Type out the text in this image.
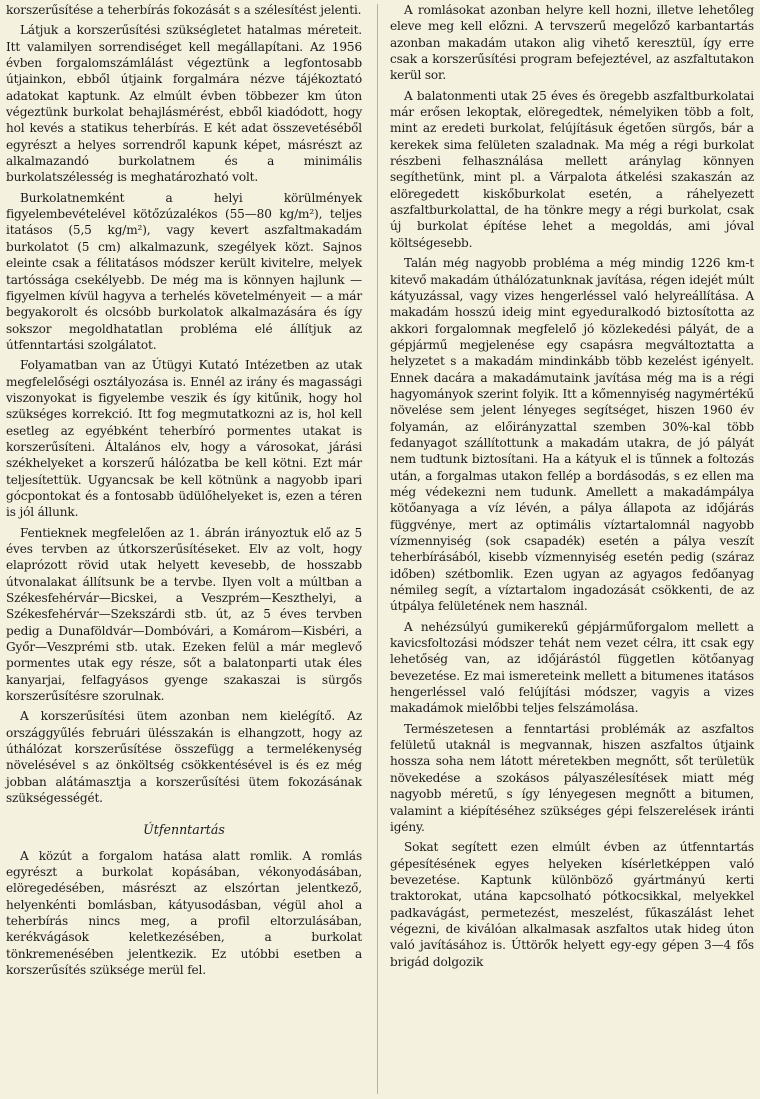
korszerűsítése a teherbírás fokozását s a szélesítést jelenti.

Látjuk a korszerűsítési szükségletet hatalmas méreteit. Itt valamilyen sorrendiséget kell megállapítani. Az 1956 évben forgalomszámlálást végeztünk a legfontosabb útjainkon, ebből útjaink forgalmára nézve tájékoztató adatokat kaptunk. Az elmúlt évben többezer km úton végeztünk burkolat behajlásmérést, ebből kiadódott, hogy hol kevés a statikus teherbírás. E két adat összevetéséből egyrészt a helyes sorrendről kapunk képet, másrészt az alkalmazandó burkolatnem és a minimális burkolatszélesség is meghatározható volt.

Burkolatnemként a helyi körülmények figyelembevételével kötőzúzalékos (55—80 kg/m²), teljes itatásos (5,5 kg/m²), vagy kevert aszfaltmakadám burkolatot (5 cm) alkalmazunk, szegélyek közt. Sajnos eleinte csak a félitatásos módszer került kivitelre, melyek tartóssága csekélyebb. De még ma is könnyen hajlunk — figyelmen kívül hagyva a terhelés követelményeit — a már begyakorolt és olcsóbb burkolatok alkalmazására és így sokszor megoldhatatlan probléma elé állítjuk az útfenntartási szolgálatot.

Folyamatban van az Útügyi Kutató Intézetben az utak megfelelőségi osztályozása is. Ennél az irány és magassági viszonyokat is figyelembe veszik és így kitűnik, hogy hol szükséges korrekció. Itt fog megmutatkozni az is, hol kell esetleg az egyébként teherbíró pormentes utakat is korszerűsíteni. Általános elv, hogy a városokat, járási székhelyeket a korszerű hálózatba be kell kötni. Ezt már teljesítettük. Ugyancsak be kell kötnünk a nagyobb ipari gócpontokat és a fontosabb üdülőhelyeket is, ezen a téren is jól állunk.

Fentieknek megfelelően az 1. ábrán irányoztuk elő az 5 éves tervben az útkorszerűsítéseket. Elv az volt, hogy elaprózott rövid utak helyett kevesebb, de hosszabb útvonalakat állítsunk be a tervbe. Ilyen volt a múltban a Székesfehérvár—Bicskei, a Veszprém—Keszthelyi, a Székesfehérvár—Szekszárdi stb. út, az 5 éves tervben pedig a Dunaföldvár—Dombóvári, a Komárom—Kisbéri, a Győr—Veszprémi stb. utak. Ezeken felül a már meglevő pormentes utak egy része, sőt a balatonparti utak éles kanyarjai, felfagyásos gyenge szakaszai is sürgős korszerűsítésre szorulnak.

A korszerűsítési ütem azonban nem kielégítő. Az országgyűlés februári ülésszakán is elhangzott, hogy az úthálózat korszerűsítése összefügg a termelékenység növelésével s az önköltség csökkentésével is és ez még jobban alátámasztja a korszerűsítési ütem fokozásának szükségességét.

Útfenntartás

A közút a forgalom hatása alatt romlik. A romlás egyrészt a burkolat kopásában, vékonyodásában, elöregedésében, másrészt az elszórtan jelentkező, helyenkénti bomlásban, kátyusodásban, végül ahol a teherbírás nincs meg, a profil eltorzulásában, kerékvágások keletkezésében, a burkolat tönkremenésében jelentkezik. Ez utóbbi esetben a korszerűsítés szüksége merül fel.

A romlásokat azonban helyre kell hozni, illetve lehetőleg eleve meg kell előzni. A tervszerű megelőző karbantartás azonban makadám utakon alig vihető keresztül, így erre csak a korszerűsítési program befejeztével, az aszfaltutakon kerül sor.

A balatonmenti utak 25 éves és öregebb aszfaltburkolatai már erősen lekoptak, elöregedtek, némelyiken több a folt, mint az eredeti burkolat, felújításuk égetően sürgős, bár a kerekek sima felületen szaladnak. Ma még a régi burkolat részbeni felhasználása mellett aránylag könnyen segíthetünk, mint pl. a Várpalota átkelési szakaszán az elöregedett kiskőburkolat esetén, a ráhelyezett aszfaltburkolattal, de ha tönkre megy a régi burkolat, csak új burkolat építése lehet a megoldás, ami jóval költségesebb.

Talán még nagyobb probléma a még mindig 1226 km-t kitevő makadám úthálózatunknak javítása, régen idejét múlt kátyuzással, vagy vizes hengerléssel való helyreállítása. A makadám hosszú ideig mint egyeduralkodó biztosította az akkori forgalomnak megfelelő jó közlekedési pályát, de a gépjármű megjelenése egy csapásra megváltoztatta a helyzetet s a makadám mindinkább több kezelést igényelt. Ennek dacára a makadámutaink javítása még ma is a régi hagyományok szerint folyik. Itt a kőmennyiség nagymértékű növelése sem jelent lényeges segítséget, hiszen 1960 év folyamán, az előirányzattal szemben 30%-kal több fedanyagot szállítottunk a makadám utakra, de jó pályát nem tudtunk biztosítani. Ha a kátyuk el is tűnnek a foltozás után, a forgalmas utakon fellép a bordásodás, s ez ellen ma még védekezni nem tudunk. Amellett a makadámpálya kötőanyaga a víz lévén, a pálya állapota az időjárás függvénye, mert az optimális víztartalomnál nagyobb vízmennyiség (sok csapadék) esetén a pálya veszít teherbírásából, kisebb vízmennyiség esetén pedig (száraz időben) szétbomlik. Ezen ugyan az agyagos fedőanyag némileg segít, a víztartalom ingadozását csökkenti, de az útpálya felületének nem használ.

A nehézsúlyú gumikerekű gépjárműforgalom mellett a kavicsfoltozási módszer tehát nem vezet célra, itt csak egy lehetőség van, az időjárástól független kötőanyag bevezetése. Ez mai ismereteink mellett a bitumenes itatásos hengerléssel való felújítási módszer, vagyis a vizes makadámok mielőbbi teljes felszámolása.

Természetesen a fenntartási problémák az aszfaltos felületű utaknál is megvannak, hiszen aszfaltos útjaink hossza soha nem látott méretekben megnőtt, sőt területük növekedése a szokásos pályaszélesítések miatt még nagyobb méretű, s így lényegesen megnőtt a bitumen, valamint a kiépítéséhez szükséges gépi felszerelések iránti igény.

Sokat segített ezen elmúlt évben az útfenntartás gépesítésének egyes helyeken kísérletképpen való bevezetése. Kaptunk különböző gyártmányú kerti traktorokat, utána kapcsolható pótkocsikkal, melyekkel padkavágást, permetezést, meszelést, fűkaszálást lehet végezni, de kiválóan alkalmasak aszfaltos utak hideg úton való javításához is. Úttörők helyett egy-egy gépen 3—4 fős brigád dolgozik
